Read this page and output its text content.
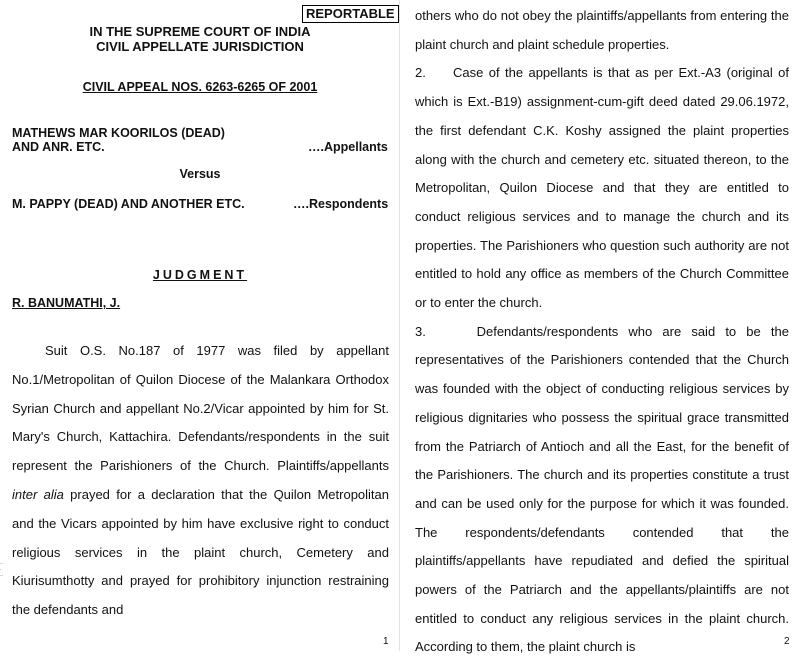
REPORTABLE
IN THE SUPREME COURT OF INDIA
CIVIL APPELLATE JURISDICTION
CIVIL APPEAL NOS. 6263-6265 OF 2001
MATHEWS MAR KOORILOS (DEAD)
AND ANR. ETC.	….Appellants
Versus
M. PAPPY (DEAD) AND ANOTHER ETC.	….Respondents
JUDGMENT
R. BANUMATHI, J.
Suit O.S. No.187 of 1977 was filed by appellant No.1/Metropolitan of Quilon Diocese of the Malankara Orthodox Syrian Church and appellant No.2/Vicar appointed by him for St. Mary's Church, Kattachira. Defendants/respondents in the suit represent the Parishioners of the Church. Plaintiffs/appellants inter alia prayed for a declaration that the Quilon Metropolitan and the Vicars appointed by him have exclusive right to conduct religious services in the plaint church, Cemetery and Kiurisumthotty and prayed for prohibitory injunction restraining the defendants and
··
·
··
1
others who do not obey the plaintiffs/appellants from entering the plaint church and plaint schedule properties.
2.     Case of the appellants is that as per Ext.-A3 (original of which is Ext.-B19) assignment-cum-gift deed dated 29.06.1972, the first defendant C.K. Koshy assigned the plaint properties along with the church and cemetery etc. situated thereon, to the Metropolitan, Quilon Diocese and that they are entitled to conduct religious services and to manage the church and its properties. The Parishioners who question such authority are not entitled to hold any office as members of the Church Committee or to enter the church.
3.     Defendants/respondents who are said to be the representatives of the Parishioners contended that the Church was founded with the object of conducting religious services by religious dignitaries who possess the spiritual grace transmitted from the Patriarch of Antioch and all the East, for the benefit of the Parishioners. The church and its properties constitute a trust and can be used only for the purpose for which it was founded. The respondents/defendants contended that the plaintiffs/appellants have repudiated and defied the spiritual powers of the Patriarch and the appellants/plaintiffs are not entitled to conduct any religious services in the plaint church. According to them, the plaint church is	2
